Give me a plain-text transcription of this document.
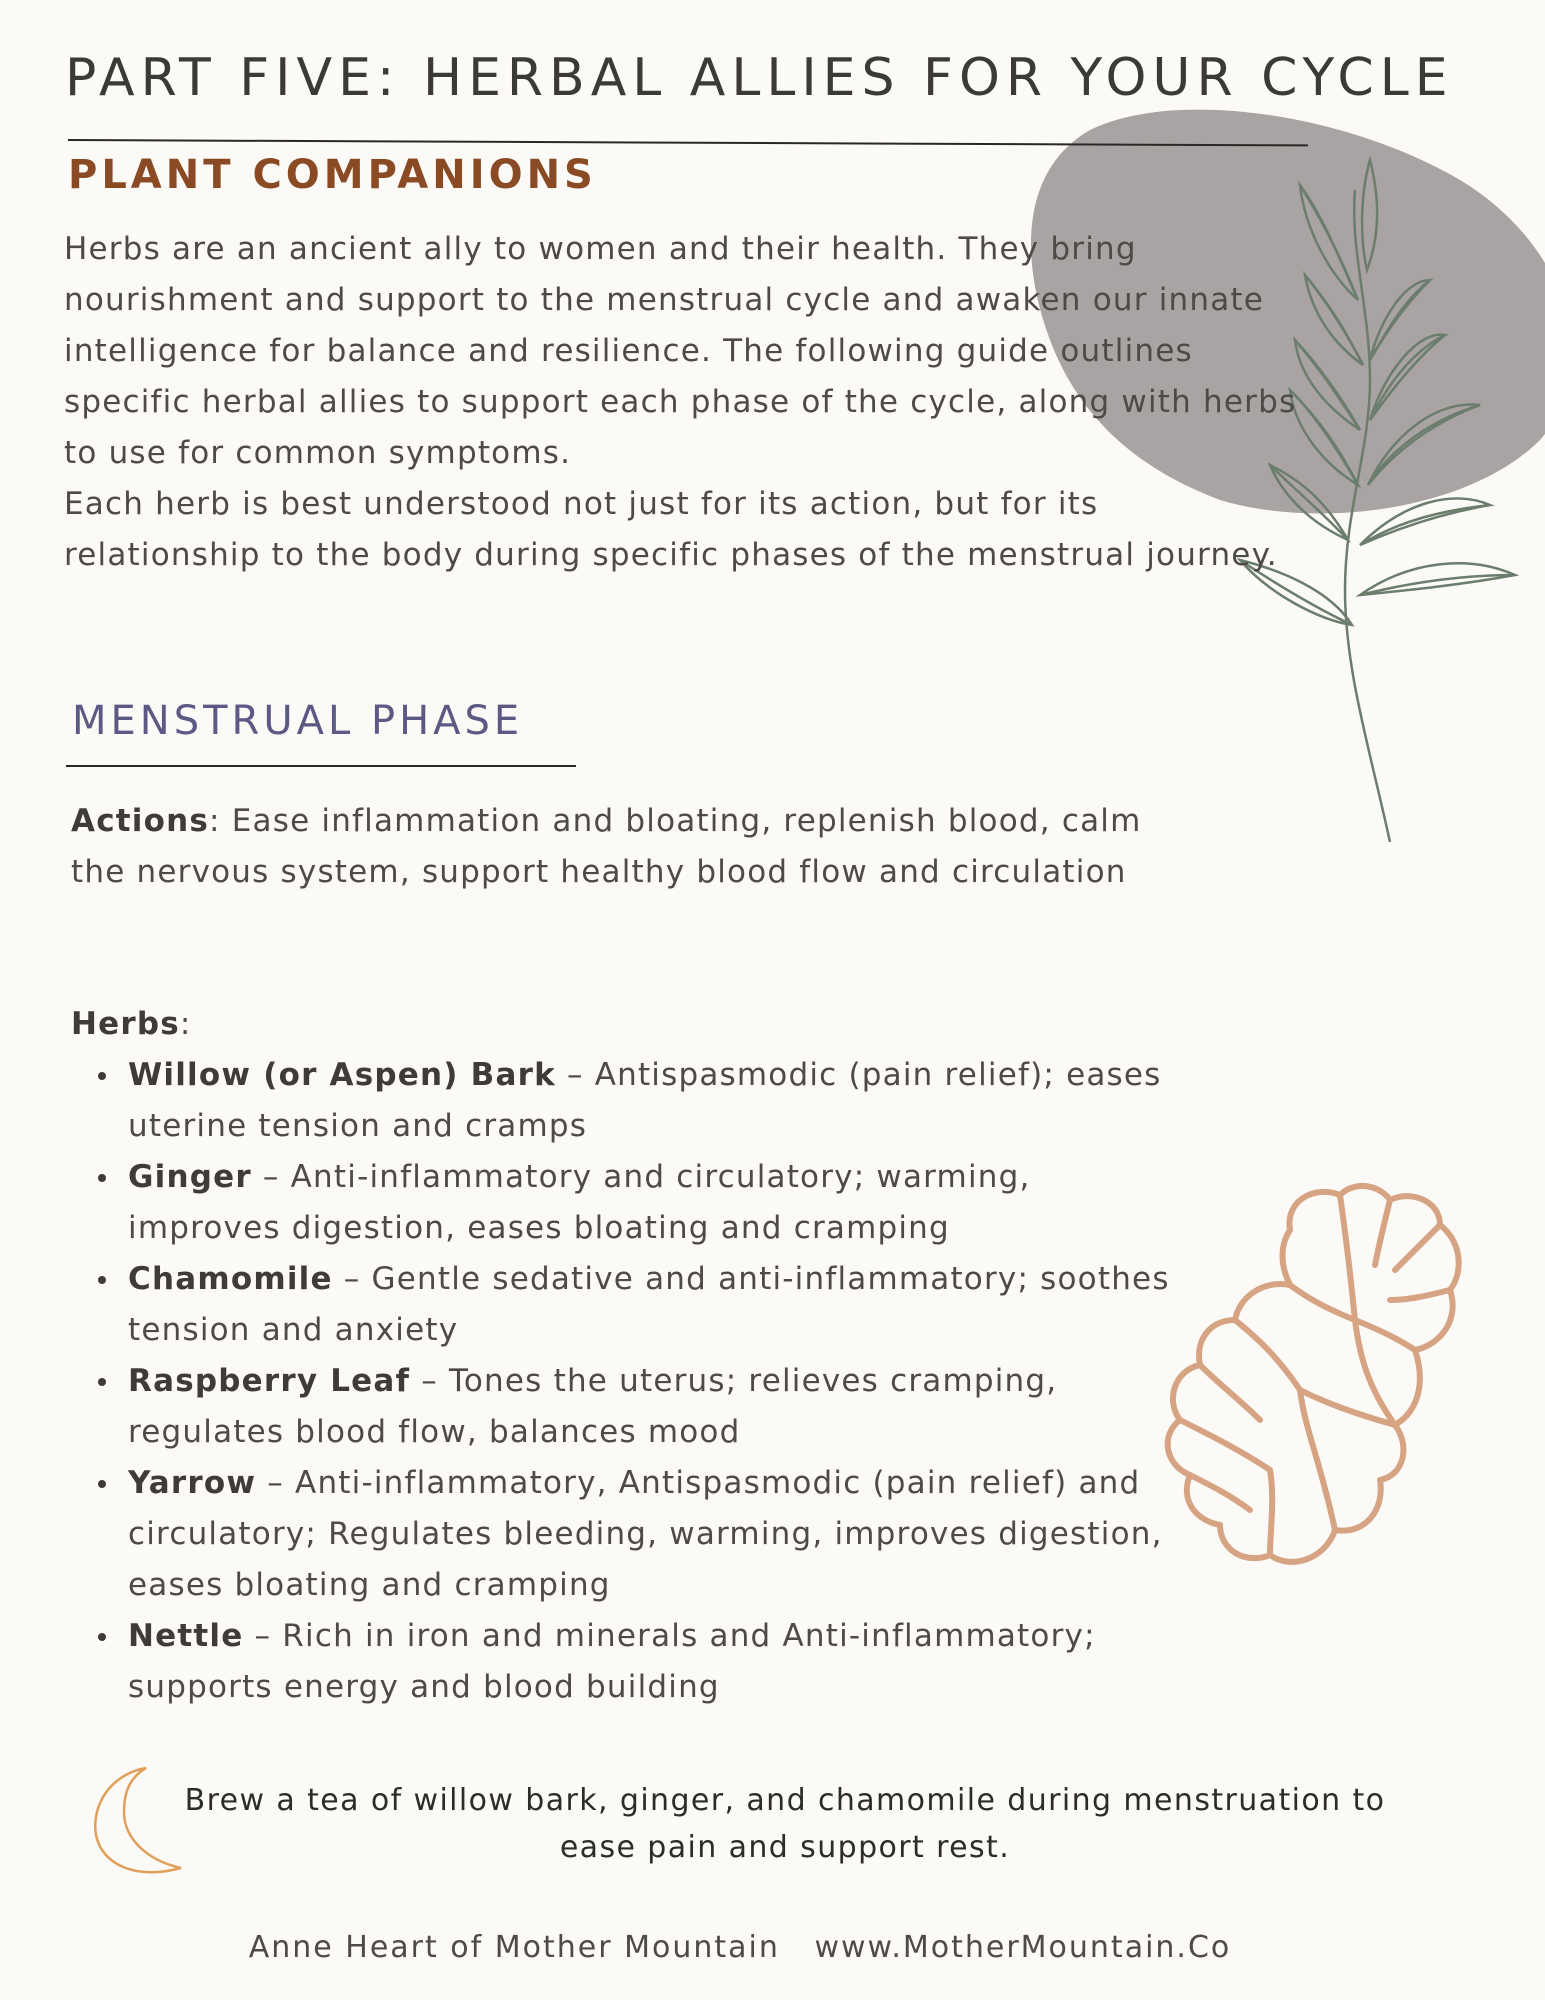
PART FIVE: HERBAL ALLIES FOR YOUR CYCLE
PLANT COMPANIONS

Herbs are an ancient ally to women and their health. They bring nourishment and support to the menstrual cycle and awaken our innate intelligence for balance and resilience. The following guide outlines specific herbal allies to support each phase of the cycle, along with herbs to use for common symptoms.

Each herb is best understood not just for its action, but for its relationship to the body during specific phases of the menstrual journey.

MENSTRUAL PHASE
Actions: Ease inflammation and bloating, replenish blood, calm the nervous system, support healthy blood flow and circulation
Herbs:
Willow (or Aspen) Bark – Antispasmodic (pain relief); eases uterine tension and cramps
Ginger – Anti-inflammatory and circulatory; warming, improves digestion, eases bloating and cramping
Chamomile – Gentle sedative and anti-inflammatory; soothes tension and anxiety
Raspberry Leaf – Tones the uterus; relieves cramping, regulates blood flow, balances mood
Yarrow – Anti-inflammatory, Antispasmodic (pain relief) and circulatory; Regulates bleeding, warming, improves digestion, eases bloating and cramping
Nettle – Rich in iron and minerals and Anti-inflammatory; supports energy and blood building
Brew a tea of willow bark, ginger, and chamomile during menstruation to ease pain and support rest.
Anne Heart of Mother Mountain www.MotherMountain.Co
